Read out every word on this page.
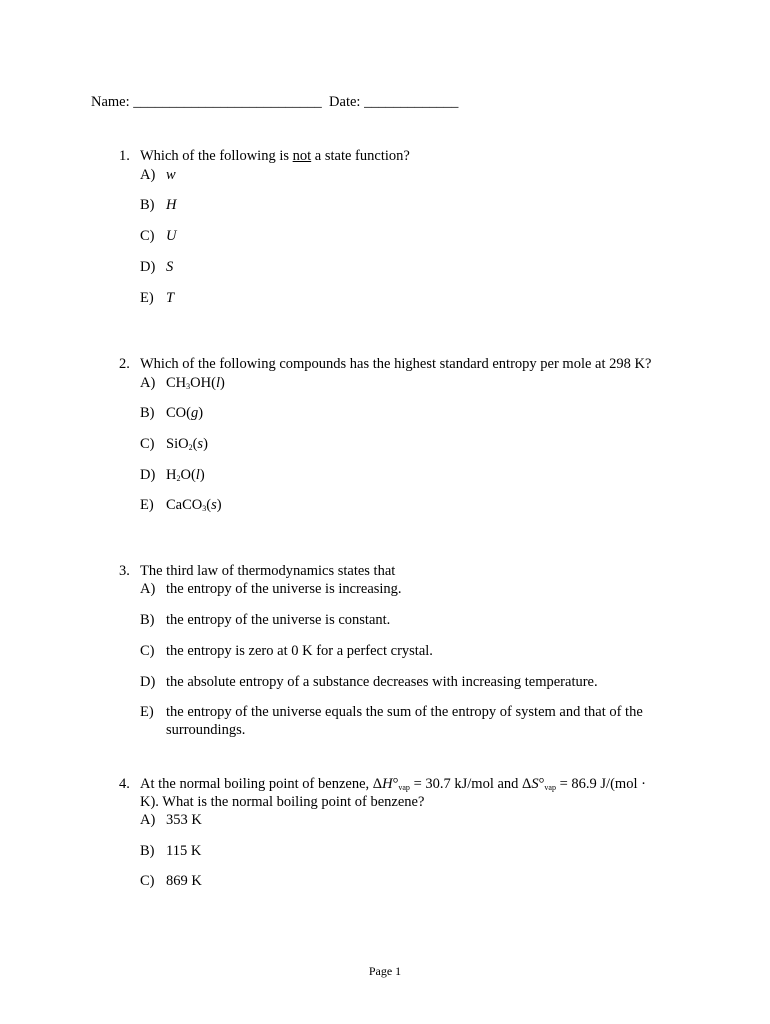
Name: __________________________ Date: _____________
1. Which of the following is not a state function?
A) w
B) H
C) U
D) S
E) T
2. Which of the following compounds has the highest standard entropy per mole at 298 K?
A) $CH_3OH(l)$
B) CO(g)
C) SiO$_2$(s)
D) $H_2O(l)$
E) CaCO$_3$(s)
3. The third law of thermodynamics states that
A) the entropy of the universe is increasing.
B) the entropy of the universe is constant.
C) the entropy is zero at 0 K for a perfect crystal.
D) the absolute entropy of a substance decreases with increasing temperature.
E) the entropy of the universe equals the sum of the entropy of system and that of the surroundings.
4. At the normal boiling point of benzene, $\Delta H^\circ_{vap} = 30.7$ kJ/mol and $\Delta S^\circ_{vap} = 86.9$ J/(mol ·
K). What is the normal boiling point of benzene?
A) 353 K
B) 115 K
C) 869 K
Page 1
